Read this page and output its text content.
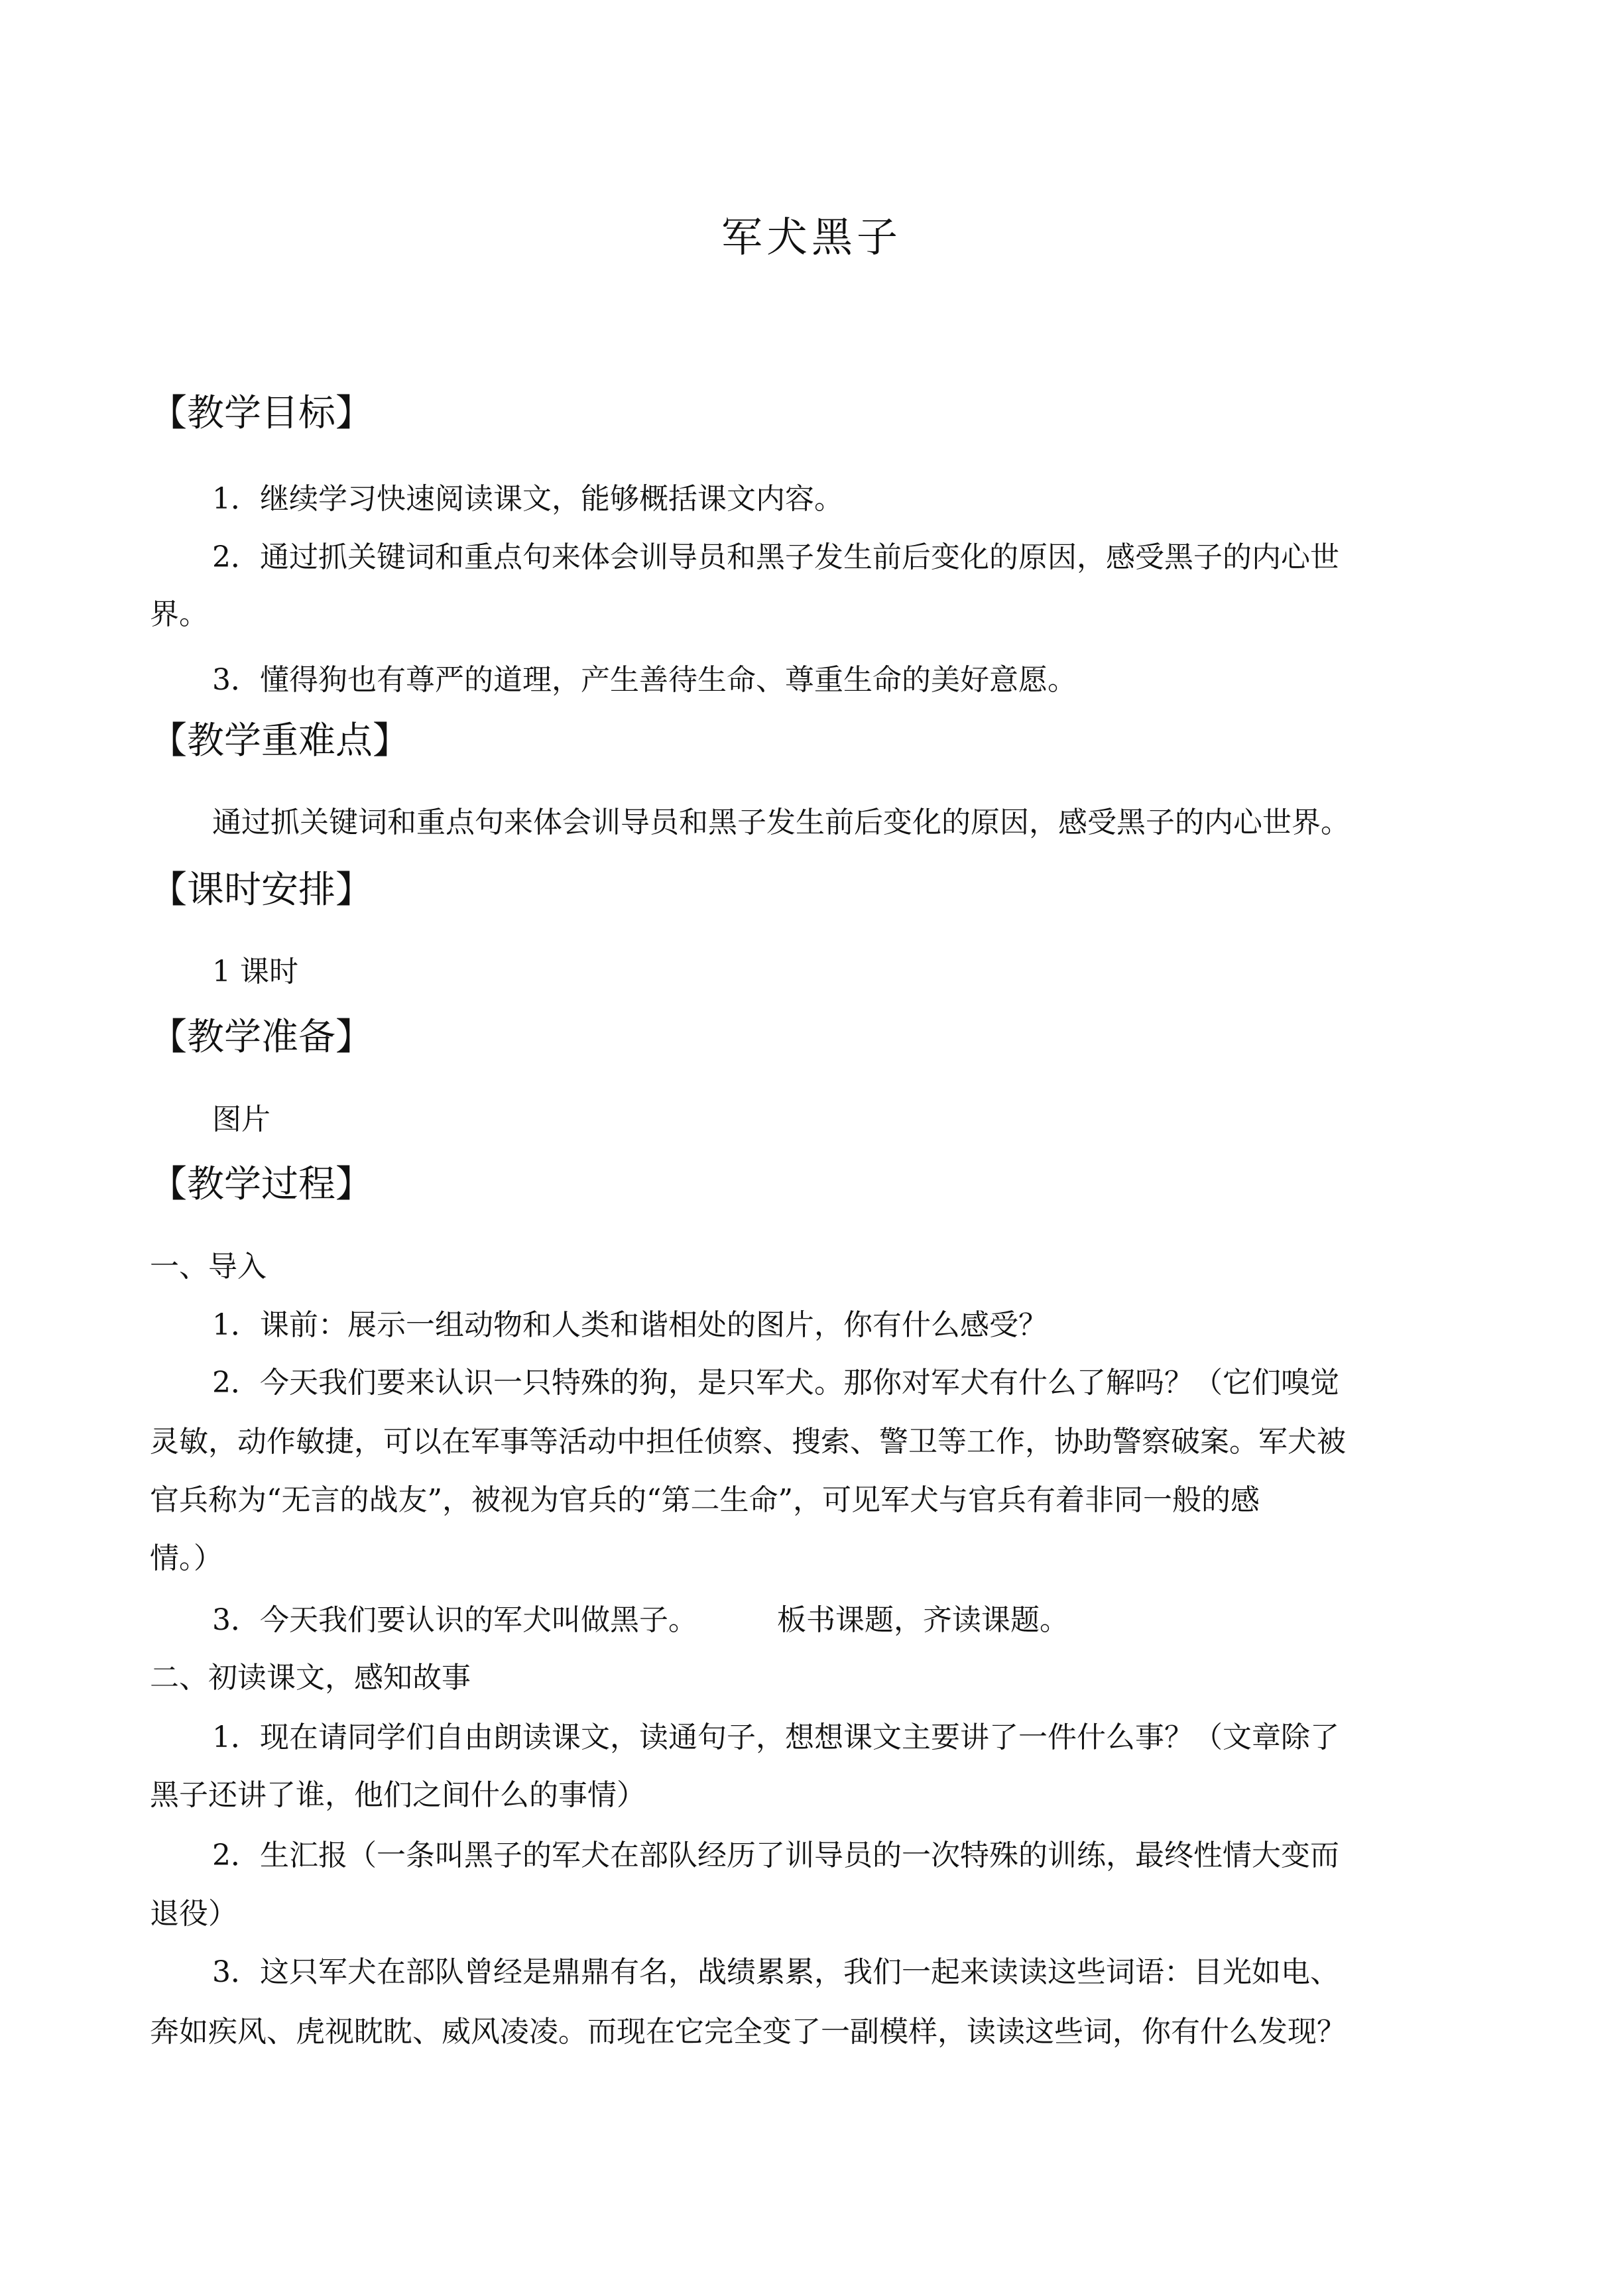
军犬黑子
【教学目标】
1．继续学习快速阅读课文，能够概括课文内容。
2．通过抓关键词和重点句来体会训导员和黑子发生前后变化的原因，感受黑子的内心世
界。
3．懂得狗也有尊严的道理，产生善待生命、尊重生命的美好意愿。
【教学重难点】
通过抓关键词和重点句来体会训导员和黑子发生前后变化的原因，感受黑子的内心世界。
【课时安排】
1 课时
【教学准备】
图片
【教学过程】
一、导入
1．课前：展示一组动物和人类和谐相处的图片，你有什么感受？
2．今天我们要来认识一只特殊的狗，是只军犬。那你对军犬有什么了解吗？（它们嗅觉
灵敏，动作敏捷，可以在军事等活动中担任侦察、搜索、警卫等工作，协助警察破案。军犬被
官兵称为“无言的战友”，被视为官兵的“第二生命”，可见军犬与官兵有着非同一般的感
情。）
3．今天我们要认识的军犬叫做黑子。	板书课题，齐读课题。
二、初读课文，感知故事
1．现在请同学们自由朗读课文，读通句子，想想课文主要讲了一件什么事？（文章除了
黑子还讲了谁，他们之间什么的事情）
2．生汇报（一条叫黑子的军犬在部队经历了训导员的一次特殊的训练，最终性情大变而
退役）
3．这只军犬在部队曾经是鼎鼎有名，战绩累累，我们一起来读读这些词语：目光如电、
奔如疾风、虎视眈眈、威风凌凌。而现在它完全变了一副模样，读读这些词，你有什么发现？
